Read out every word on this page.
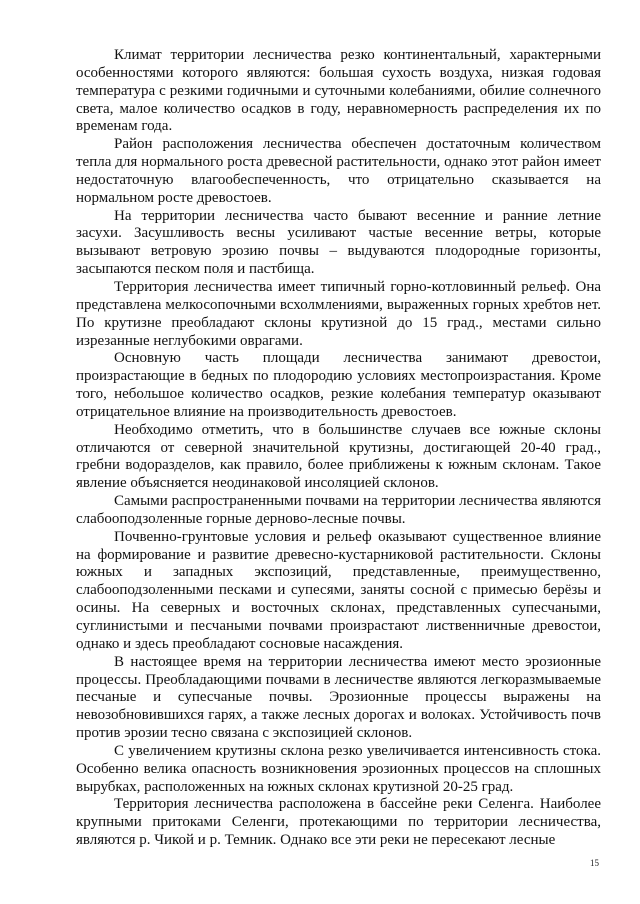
Климат территории лесничества резко континентальный, характерными особенностями которого являются: большая сухость воздуха, низкая годовая температура с резкими годичными и суточными колебаниями, обилие солнечного света, малое количество осадков в году, неравномерность распределения их по временам года.

Район расположения лесничества обеспечен достаточным количеством тепла для нормального роста древесной растительности, однако этот район имеет недостаточную влагообеспеченность, что отрицательно сказывается на нормальном росте древостоев.

На территории лесничества часто бывают весенние и ранние летние засухи. Засушливость весны усиливают частые весенние ветры, которые вызывают ветровую эрозию почвы – выдуваются плодородные горизонты, засыпаются песком поля и пастбища.

Территория лесничества имеет типичный горно-котловинный рельеф. Она представлена мелкосопочными всхолмлениями, выраженных горных хребтов нет. По крутизне преобладают склоны крутизной до 15 град., местами сильно изрезанные неглубокими оврагами.

Основную часть площади лесничества занимают древостои, произрастающие в бедных по плодородию условиях местопроизрастания. Кроме того, небольшое количество осадков, резкие колебания температур оказывают отрицательное влияние на производительность древостоев.

Необходимо отметить, что в большинстве случаев все южные склоны отличаются от северной значительной крутизны, достигающей 20-40 град., гребни водоразделов, как правило, более приближены к южным склонам. Такое явление объясняется неодинаковой инсоляцией склонов.

Самыми распространенными почвами на территории лесничества являются слабооподзоленные горные дерново-лесные почвы.

Почвенно-грунтовые условия и рельеф оказывают существенное влияние на формирование и развитие древесно-кустарниковой растительности. Склоны южных и западных экспозиций, представленные, преимущественно, слабооподзоленными песками и супесями, заняты сосной с примесью берёзы и осины. На северных и восточных склонах, представленных супесчаными, суглинистыми и песчаными почвами произрастают лиственничные древостои, однако и здесь преобладают сосновые насаждения.

В настоящее время на территории лесничества имеют место эрозионные процессы. Преобладающими почвами в лесничестве являются легкоразмываемые песчаные и супесчаные почвы. Эрозионные процессы выражены на невозобновившихся гарях, а также лесных дорогах и волоках. Устойчивость почв против эрозии тесно связана с экспозицией склонов.

С увеличением крутизны склона резко увеличивается интенсивность стока. Особенно велика опасность возникновения эрозионных процессов на сплошных вырубках, расположенных на южных склонах крутизной 20-25 град.

Территория лесничества расположена в бассейне реки Селенга. Наиболее крупными притоками Селенги, протекающими по территории лесничества, являются р. Чикой и р. Темник. Однако все эти реки не пересекают лесные

15
